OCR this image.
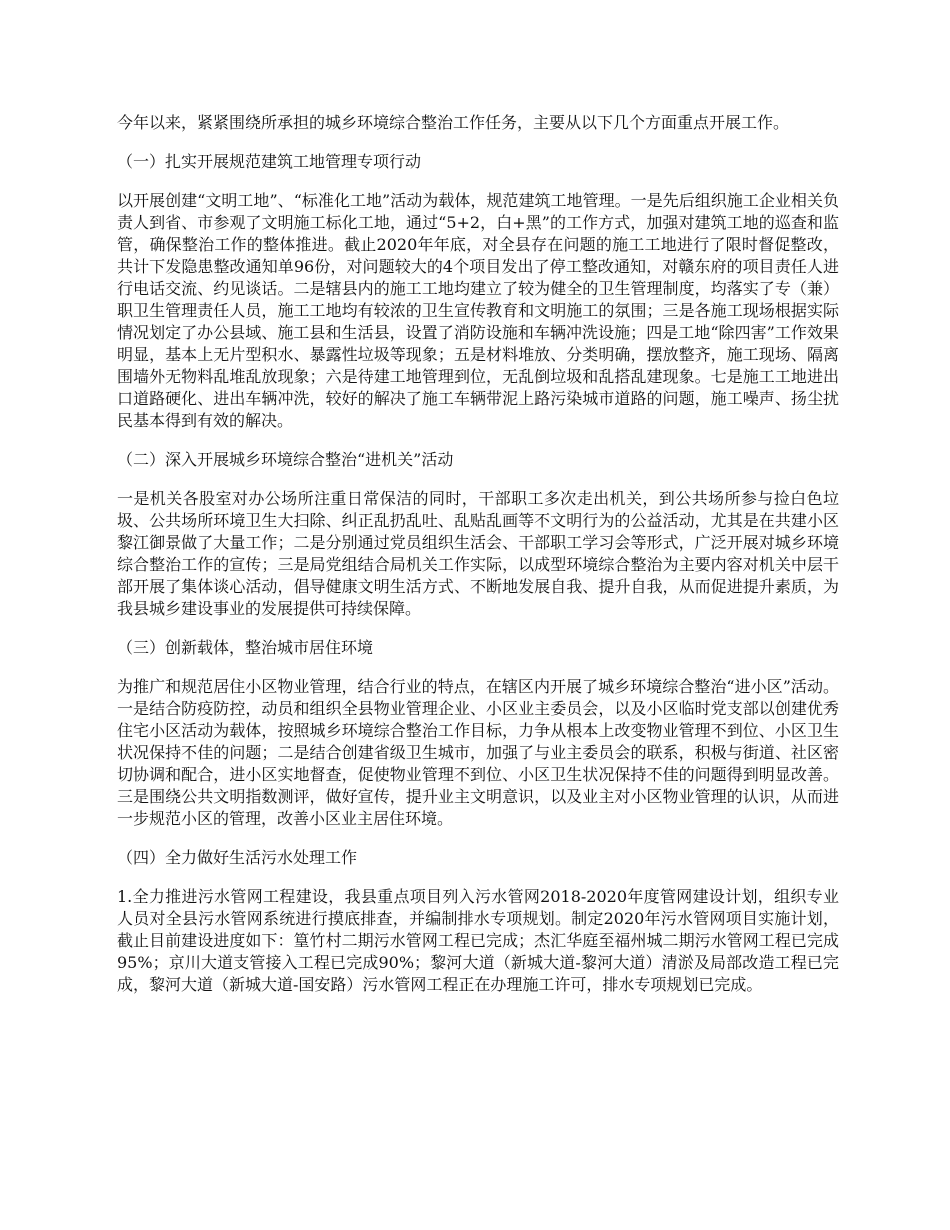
今年以来，紧紧围绕所承担的城乡环境综合整治工作任务，主要从以下几个方面重点开展工作。

（一）扎实开展规范建筑工地管理专项行动

以开展创建“文明工地”、“标准化工地”活动为载体，规范建筑工地管理。一是先后组织施工企业相关负责人到省、市参观了文明施工标化工地，通过“5+2，白+黑”的工作方式，加强对建筑工地的巡查和监管，确保整治工作的整体推进。截止2020年年底，对全县存在问题的施工工地进行了限时督促整改，共计下发隐患整改通知单96份，对问题较大的4个项目发出了停工整改通知，对赣东府的项目责任人进行电话交流、约见谈话。二是辖县内的施工工地均建立了较为健全的卫生管理制度，均落实了专（兼）职卫生管理责任人员，施工工地均有较浓的卫生宣传教育和文明施工的氛围；三是各施工现场根据实际情况划定了办公县域、施工县和生活县，设置了消防设施和车辆冲洗设施；四是工地“除四害”工作效果明显，基本上无片型积水、暴露性垃圾等现象；五是材料堆放、分类明确，摆放整齐，施工现场、隔离围墙外无物料乱堆乱放现象；六是待建工地管理到位，无乱倒垃圾和乱搭乱建现象。七是施工工地进出口道路硬化、进出车辆冲洗，较好的解决了施工车辆带泥上路污染城市道路的问题，施工噪声、扬尘扰民基本得到有效的解决。

（二）深入开展城乡环境综合整治“进机关”活动

一是机关各股室对办公场所注重日常保洁的同时，干部职工多次走出机关，到公共场所参与捡白色垃圾、公共场所环境卫生大扫除、纠正乱扔乱吐、乱贴乱画等不文明行为的公益活动，尤其是在共建小区黎江御景做了大量工作；二是分别通过党员组织生活会、干部职工学习会等形式，广泛开展对城乡环境综合整治工作的宣传；三是局党组结合局机关工作实际，以成型环境综合整治为主要内容对机关中层干部开展了集体谈心活动，倡导健康文明生活方式、不断地发展自我、提升自我，从而促进提升素质，为我县城乡建设事业的发展提供可持续保障。

（三）创新载体，整治城市居住环境

为推广和规范居住小区物业管理，结合行业的特点，在辖区内开展了城乡环境综合整治“进小区”活动。一是结合防疫防控，动员和组织全县物业管理企业、小区业主委员会，以及小区临时党支部以创建优秀住宅小区活动为载体，按照城乡环境综合整治工作目标，力争从根本上改变物业管理不到位、小区卫生状况保持不佳的问题；二是结合创建省级卫生城市，加强了与业主委员会的联系，积极与街道、社区密切协调和配合，进小区实地督查，促使物业管理不到位、小区卫生状况保持不佳的问题得到明显改善。三是围绕公共文明指数测评，做好宣传，提升业主文明意识，以及业主对小区物业管理的认识，从而进一步规范小区的管理，改善小区业主居住环境。

（四）全力做好生活污水处理工作

1.全力推进污水管网工程建设，我县重点项目列入污水管网2018-2020年度管网建设计划，组织专业人员对全县污水管网系统进行摸底排查，并编制排水专项规划。制定2020年污水管网项目实施计划，截止目前建设进度如下：篁竹村二期污水管网工程已完成；杰汇华庭至福州城二期污水管网工程已完成95%；京川大道支管接入工程已完成90%；黎河大道（新城大道-黎河大道）清淤及局部改造工程已完成，黎河大道（新城大道-国安路）污水管网工程正在办理施工许可，排水专项规划已完成。
